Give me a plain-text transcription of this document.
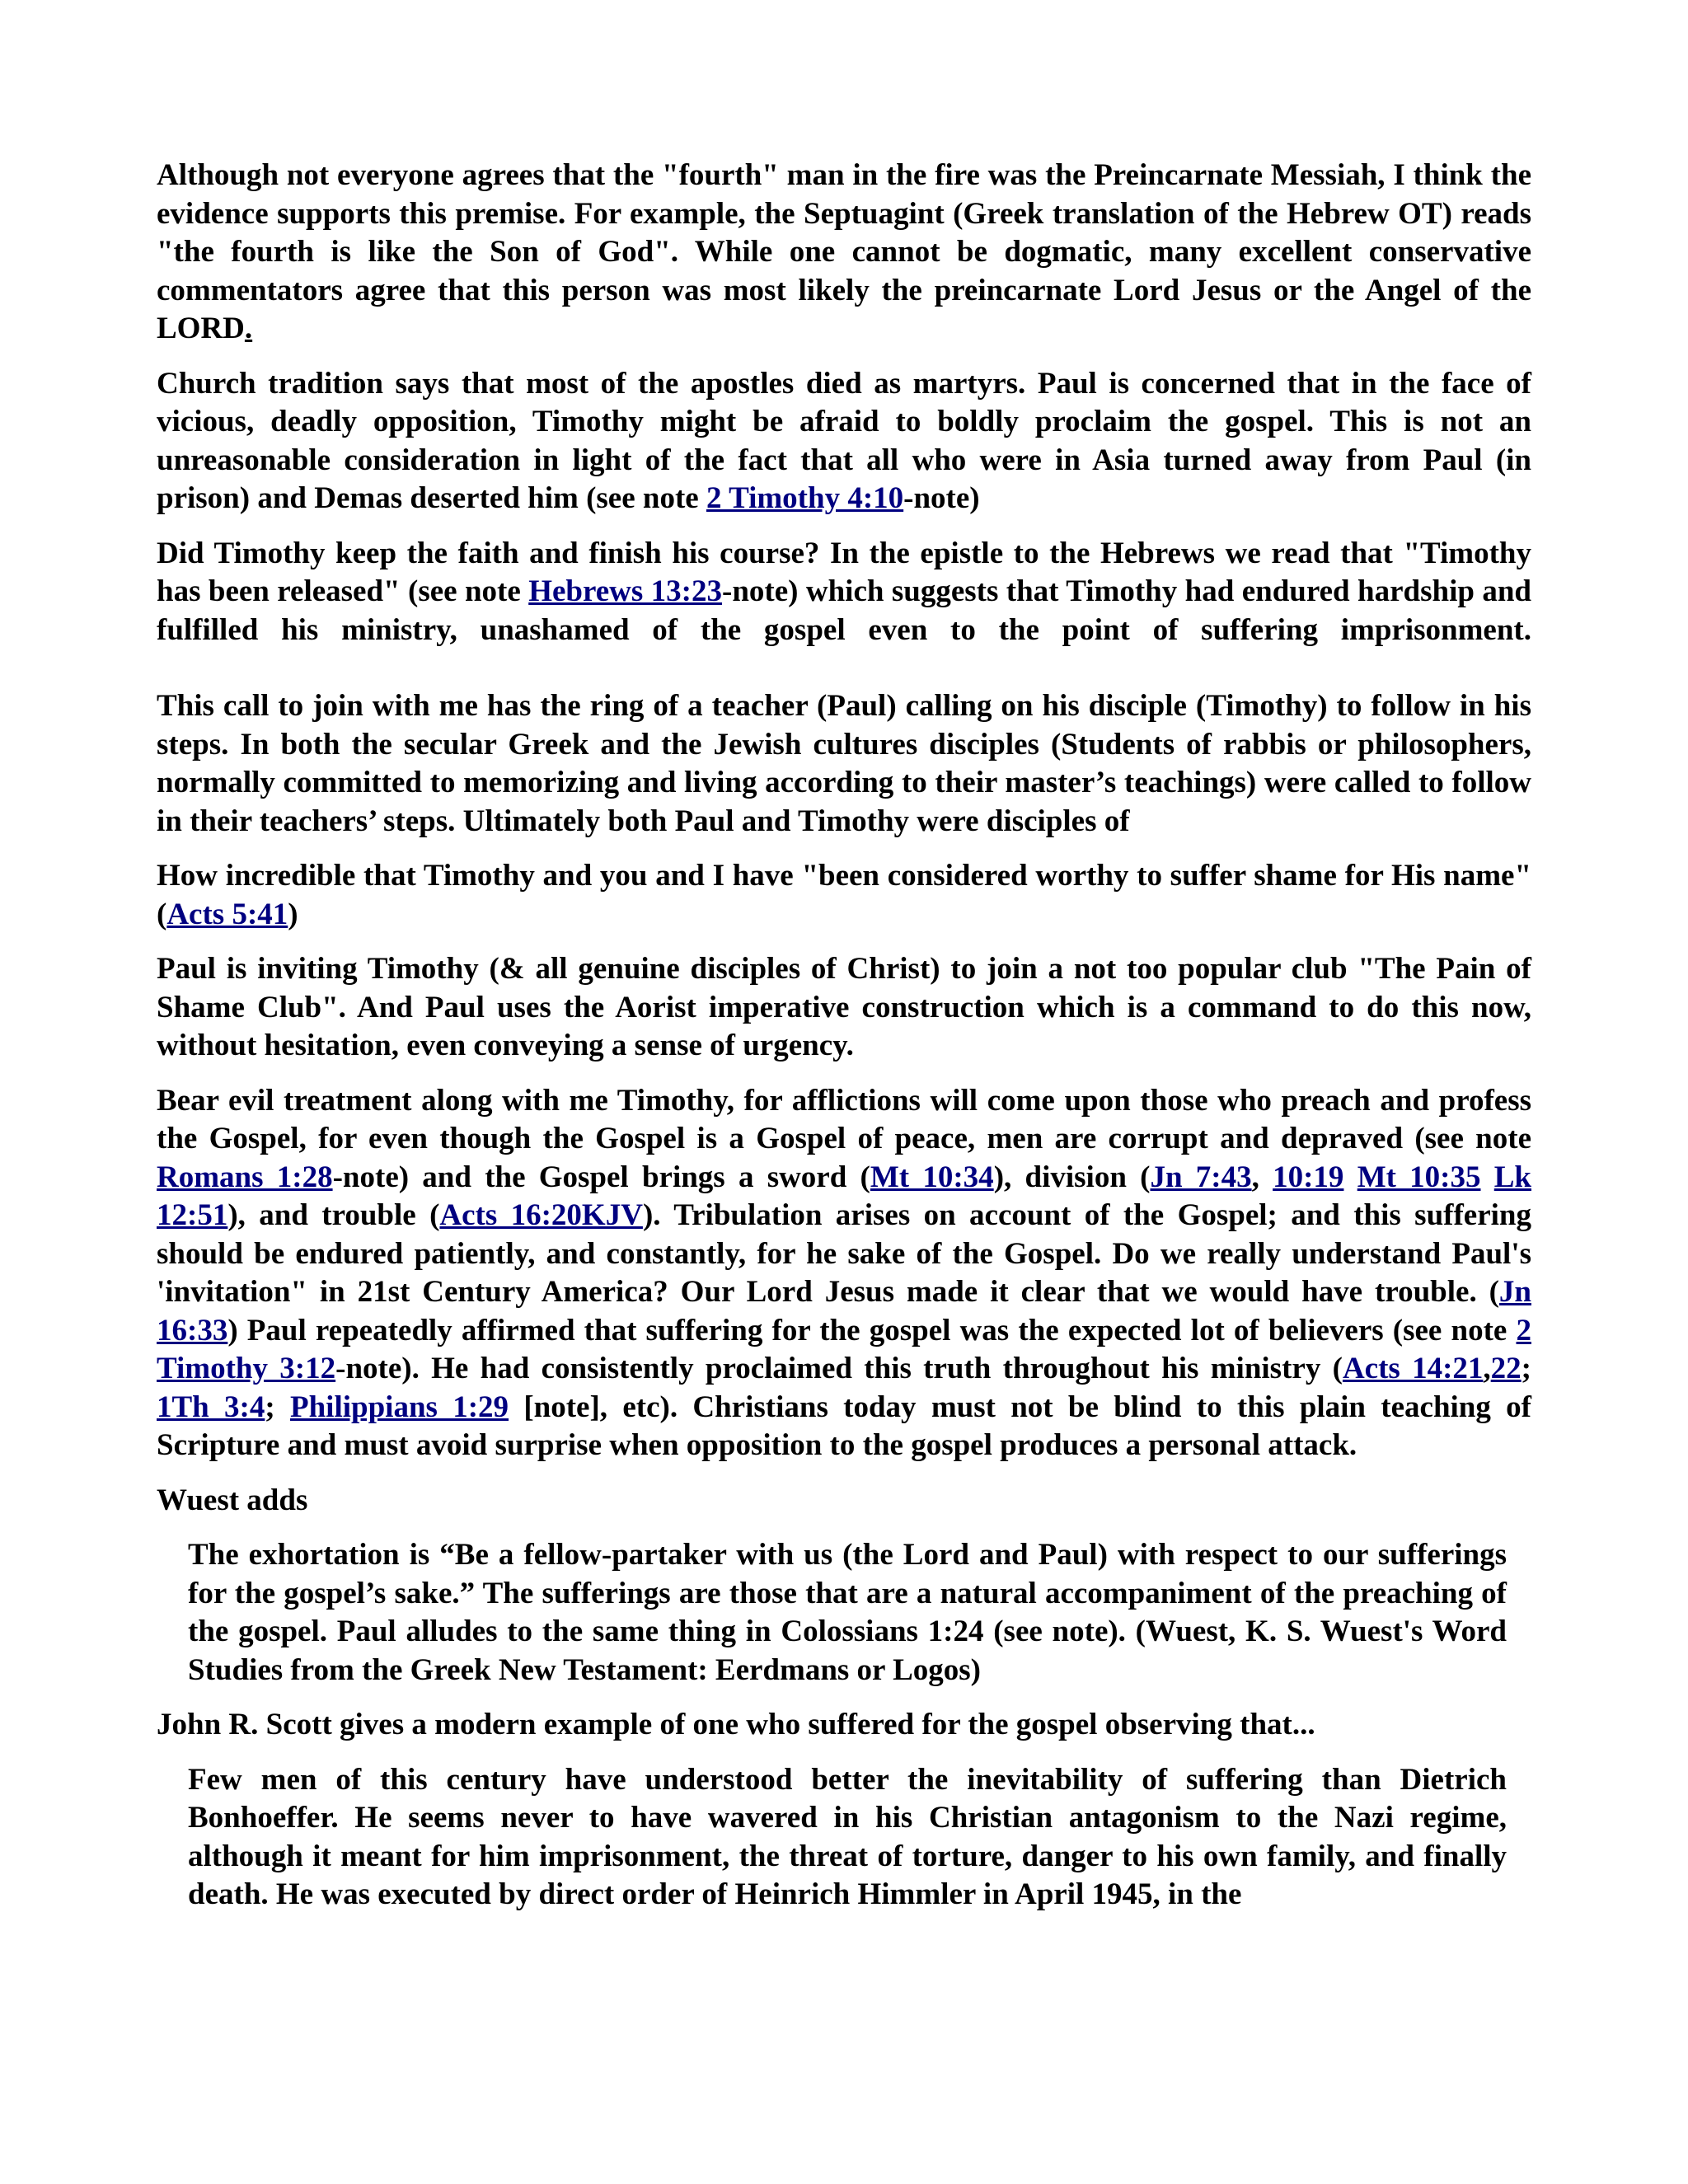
Although not everyone agrees that the "fourth" man in the fire was the Preincarnate Messiah, I think the evidence supports this premise. For example, the Septuagint (Greek translation of the Hebrew OT) reads "the fourth is like the Son of God". While one cannot be dogmatic, many excellent conservative commentators agree that this person was most likely the preincarnate Lord Jesus or the Angel of the LORD.

Church tradition says that most of the apostles died as martyrs. Paul is concerned that in the face of vicious, deadly opposition, Timothy might be afraid to boldly proclaim the gospel. This is not an unreasonable consideration in light of the fact that all who were in Asia turned away from Paul (in prison) and Demas deserted him (see note 2 Timothy 4:10-note)

Did Timothy keep the faith and finish his course? In the epistle to the Hebrews we read that "Timothy has been released" (see note Hebrews 13:23-note) which suggests that Timothy had endured hardship and fulfilled his ministry, unashamed of the gospel even to the point of suffering imprisonment.

This call to join with me has the ring of a teacher (Paul) calling on his disciple (Timothy) to follow in his steps. In both the secular Greek and the Jewish cultures disciples (Students of rabbis or philosophers, normally committed to memorizing and living according to their master’s teachings) were called to follow in their teachers’ steps. Ultimately both Paul and Timothy were disciples of

How incredible that Timothy and you and I have "been considered worthy to suffer shame for His name" (Acts 5:41)

Paul is inviting Timothy (& all genuine disciples of Christ) to join a not too popular club "The Pain of Shame Club". And Paul uses the Aorist imperative construction which is a command to do this now, without hesitation, even conveying a sense of urgency.

Bear evil treatment along with me Timothy, for afflictions will come upon those who preach and profess the Gospel, for even though the Gospel is a Gospel of peace, men are corrupt and depraved (see note Romans 1:28-note) and the Gospel brings a sword (Mt 10:34), division (Jn 7:43, 10:19 Mt 10:35 Lk 12:51), and trouble (Acts 16:20KJV). Tribulation arises on account of the Gospel; and this suffering should be endured patiently, and constantly, for he sake of the Gospel. Do we really understand Paul's 'invitation" in 21st Century America? Our Lord Jesus made it clear that we would have trouble. (Jn 16:33) Paul repeatedly affirmed that suffering for the gospel was the expected lot of believers (see note 2 Timothy 3:12-note). He had consistently proclaimed this truth throughout his ministry (Acts 14:21,22; 1Th 3:4; Philippians 1:29 [note], etc). Christians today must not be blind to this plain teaching of Scripture and must avoid surprise when opposition to the gospel produces a personal attack.

Wuest adds

The exhortation is “Be a fellow-partaker with us (the Lord and Paul) with respect to our sufferings for the gospel’s sake.” The sufferings are those that are a natural accompaniment of the preaching of the gospel. Paul alludes to the same thing in Colossians 1:24 (see note). (Wuest, K. S. Wuest's Word Studies from the Greek New Testament: Eerdmans or Logos)

John R. Scott gives a modern example of one who suffered for the gospel observing that...

Few men of this century have understood better the inevitability of suffering than Dietrich Bonhoeffer. He seems never to have wavered in his Christian antagonism to the Nazi regime, although it meant for him imprisonment, the threat of torture, danger to his own family, and finally death. He was executed by direct order of Heinrich Himmler in April 1945, in the
